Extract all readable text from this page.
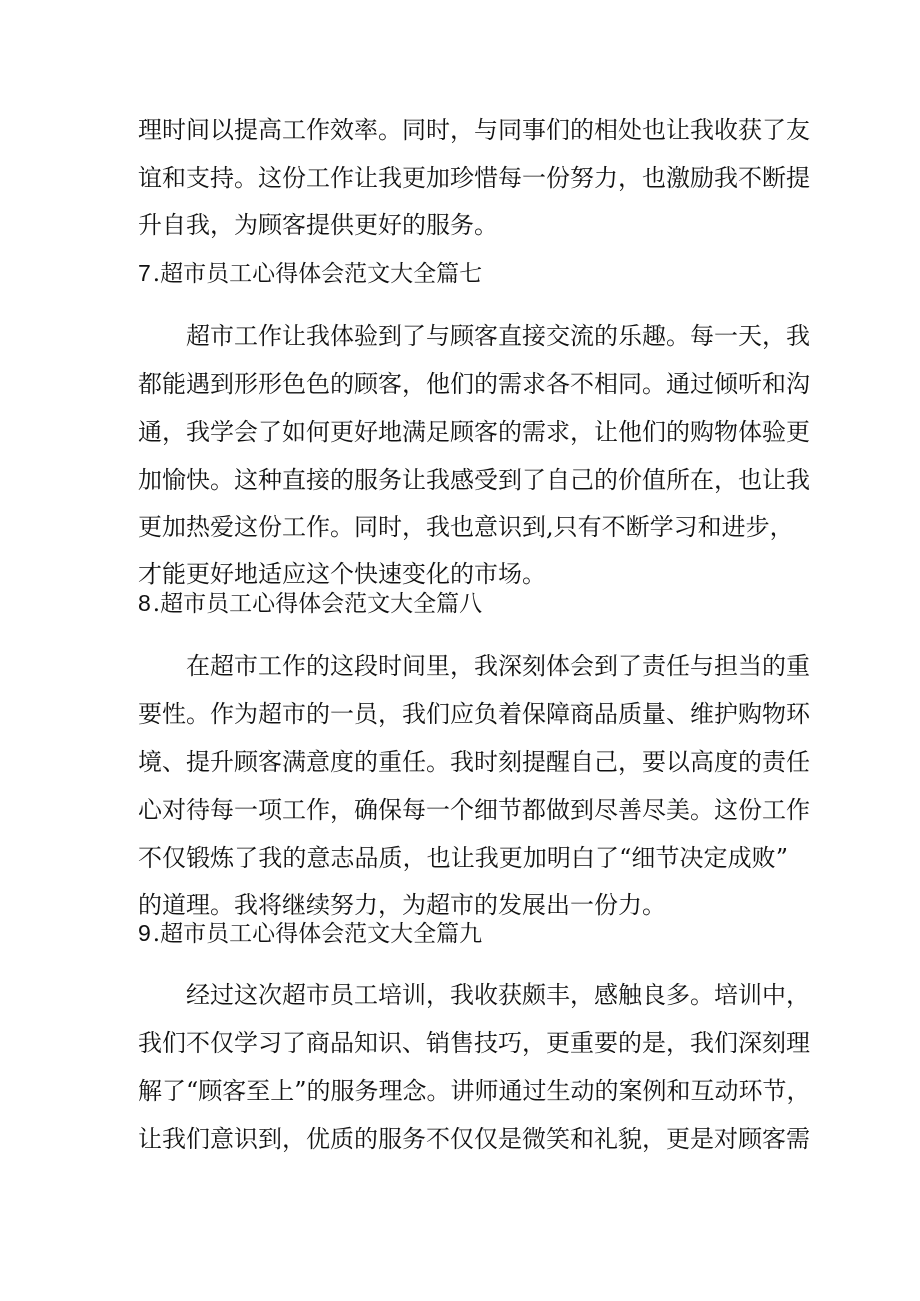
理时间以提高工作效率。同时，与同事们的相处也让我收获了友
谊和支持。这份工作让我更加珍惜每一份努力，也激励我不断提
升自我，为顾客提供更好的服务。
7.超市员工心得体会范文大全篇七
超市工作让我体验到了与顾客直接交流的乐趣。每一天，我
都能遇到形形色色的顾客，他们的需求各不相同。通过倾听和沟
通，我学会了如何更好地满足顾客的需求，让他们的购物体验更
加愉快。这种直接的服务让我感受到了自己的价值所在，也让我
更加热爱这份工作。同时，我也意识到,只有不断学习和进步，
才能更好地适应这个快速变化的市场。
8.超市员工心得体会范文大全篇八
在超市工作的这段时间里，我深刻体会到了责任与担当的重
要性。作为超市的一员，我们应负着保障商品质量、维护购物环
境、提升顾客满意度的重任。我时刻提醒自己，要以高度的责任
心对待每一项工作，确保每一个细节都做到尽善尽美。这份工作
不仅锻炼了我的意志品质，也让我更加明白了“细节决定成败”
的道理。我将继续努力，为超市的发展出一份力。
9.超市员工心得体会范文大全篇九
经过这次超市员工培训，我收获颇丰，感触良多。培训中，
我们不仅学习了商品知识、销售技巧，更重要的是，我们深刻理
解了“顾客至上”的服务理念。讲师通过生动的案例和互动环节，
让我们意识到，优质的服务不仅仅是微笑和礼貌，更是对顾客需
